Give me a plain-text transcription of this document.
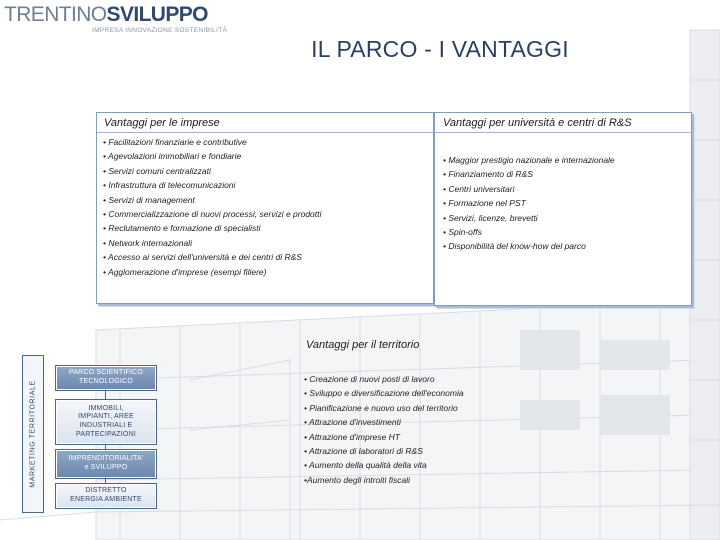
TRENTINOSVILUPPO
IMPRESA INNOVAZIONE SOSTENIBILITÀ
IL PARCO - I VANTAGGI
Vantaggi per le imprese
• Facilitazioni finanziarie e contributive
• Agevolazioni immobiliari e fondiarie
• Servizi comuni centralizzati
• Infrastruttura di telecomunicazioni
• Servizi di management
• Commercializzazione di nuovi processi, servizi e prodotti
• Reclutamento e formazione di specialisti
• Network internazionali
• Accesso ai servizi dell'università e dei centri di R&S
• Agglomerazione d'imprese (esempi filiere)
Vantaggi per università e centri di R&S
• Maggior prestigio nazionale e internazionale
• Finanziamento di R&S
• Centri universitari
• Formazione nel PST
• Servizi, licenze, brevetti
• Spin-offs
• Disponibilità del know-how del parco
MARKETING TERRITORIALE
PARCO SCIENTIFICO
TECNOLOGICO
IMMOBILI,
IMPIANTI, AREE
INDUSTRIALI E
PARTECIPAZIONI
IMPRENDITORIALITA'
e SVILUPPO
DISTRETTO
ENERGIA AMBIENTE
Vantaggi per il territorio
• Creazione di nuovi posti di lavoro
• Sviluppo e diversificazione dell'economia
• Pianificazione e nuovo uso del territorio
• Attrazione d'investimenti
• Attrazione d'imprese HT
• Attrazione di laboratori di R&S
• Aumento della qualità della vita
•Aumento degli introiti fiscali
